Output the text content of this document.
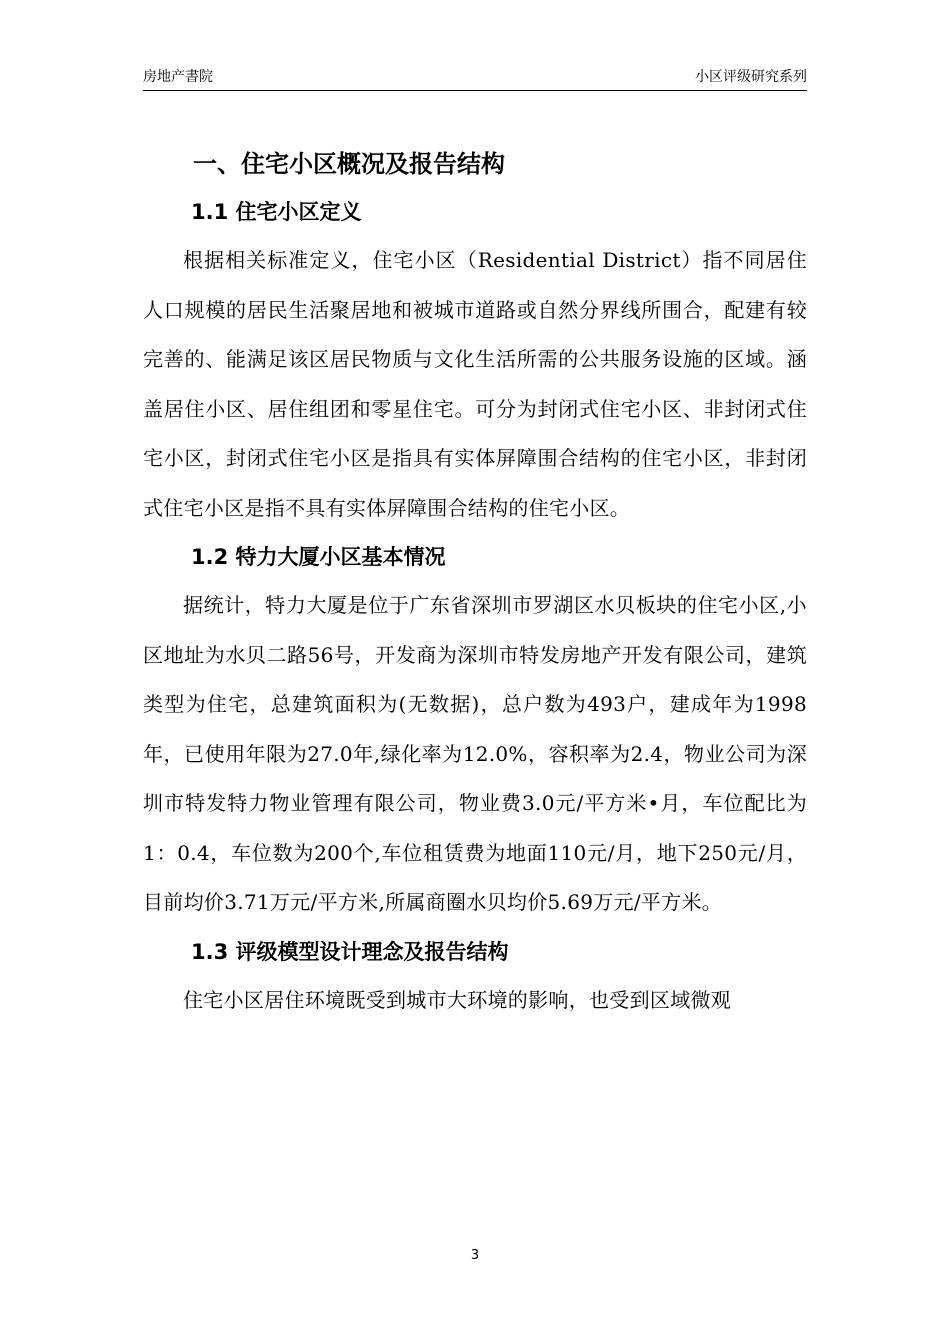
房地产書院	小区评级研究系列
一、住宅小区概况及报告结构
1.1 住宅小区定义

根据相关标准定义，住宅小区（Residential District）指不同居住人口规模的居民生活聚居地和被城市道路或自然分界线所围合，配建有较完善的、能满足该区居民物质与文化生活所需的公共服务设施的区域。涵盖居住小区、居住组团和零星住宅。可分为封闭式住宅小区、非封闭式住宅小区，封闭式住宅小区是指具有实体屏障围合结构的住宅小区，非封闭式住宅小区是指不具有实体屏障围合结构的住宅小区。

1.2 特力大厦小区基本情况

据统计，特力大厦是位于广东省深圳市罗湖区水贝板块的住宅小区,小区地址为水贝二路56号，开发商为深圳市特发房地产开发有限公司，建筑类型为住宅，总建筑面积为(无数据)，总户数为493户，建成年为1998年，已使用年限为27.0年,绿化率为12.0%，容积率为2.4，物业公司为深圳市特发特力物业管理有限公司，物业费3.0元/平方米•月，车位配比为1：0.4，车位数为200个,车位租赁费为地面110元/月，地下250元/月，目前均价3.71万元/平方米,所属商圈水贝均价5.69万元/平方米。

1.3 评级模型设计理念及报告结构

住宅小区居住环境既受到城市大环境的影响，也受到区域微观

3
